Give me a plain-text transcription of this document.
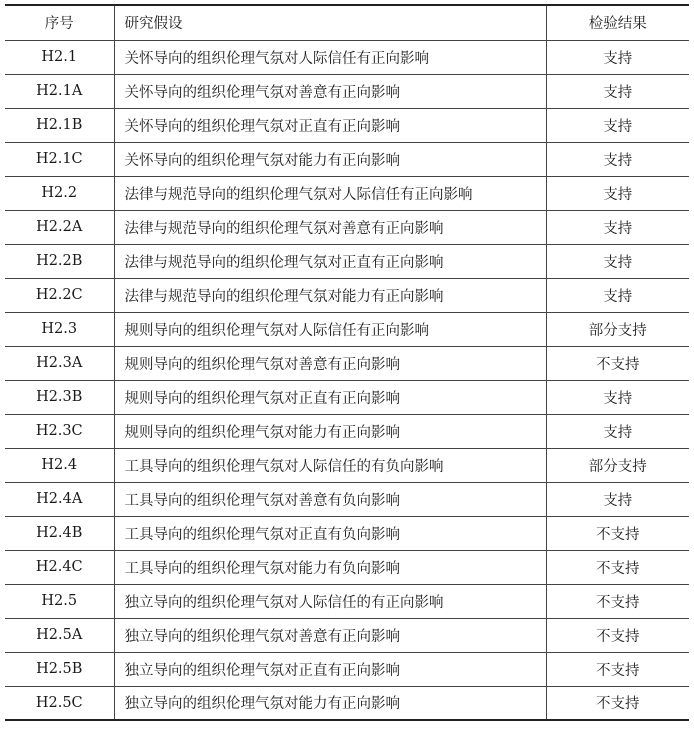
序号	研究假设	检验结果
H2.1	关怀导向的组织伦理气氛对人际信任有正向影响	支持
H2.1A	关怀导向的组织伦理气氛对善意有正向影响	支持
H2.1B	关怀导向的组织伦理气氛对正直有正向影响	支持
H2.1C	关怀导向的组织伦理气氛对能力有正向影响	支持
H2.2	法律与规范导向的组织伦理气氛对人际信任有正向影响	支持
H2.2A	法律与规范导向的组织伦理气氛对善意有正向影响	支持
H2.2B	法律与规范导向的组织伦理气氛对正直有正向影响	支持
H2.2C	法律与规范导向的组织伦理气氛对能力有正向影响	支持
H2.3	规则导向的组织伦理气氛对人际信任有正向影响	部分支持
H2.3A	规则导向的组织伦理气氛对善意有正向影响	不支持
H2.3B	规则导向的组织伦理气氛对正直有正向影响	支持
H2.3C	规则导向的组织伦理气氛对能力有正向影响	支持
H2.4	工具导向的组织伦理气氛对人际信任的有负向影响	部分支持
H2.4A	工具导向的组织伦理气氛对善意有负向影响	支持
H2.4B	工具导向的组织伦理气氛对正直有负向影响	不支持
H2.4C	工具导向的组织伦理气氛对能力有负向影响	不支持
H2.5	独立导向的组织伦理气氛对人际信任的有正向影响	不支持
H2.5A	独立导向的组织伦理气氛对善意有正向影响	不支持
H2.5B	独立导向的组织伦理气氛对正直有正向影响	不支持
H2.5C	独立导向的组织伦理气氛对能力有正向影响	不支持
